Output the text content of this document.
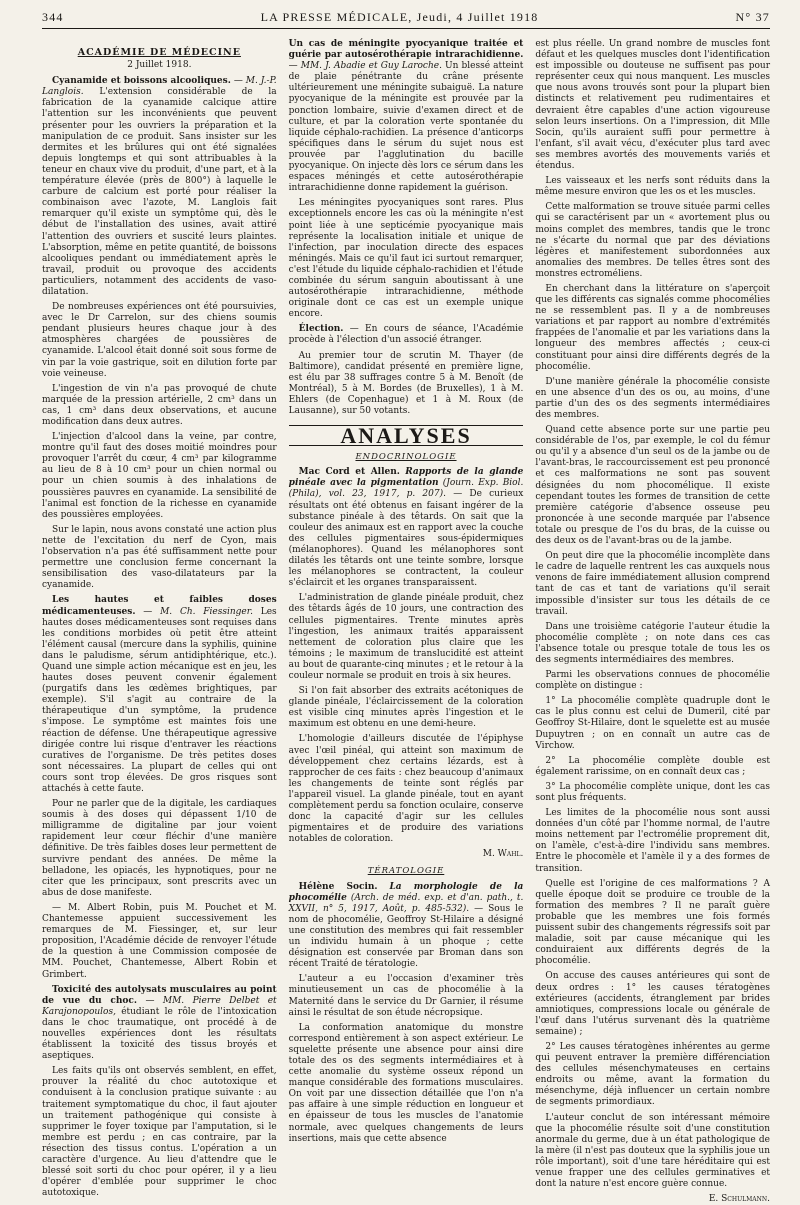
344	LA PRESSE MÉDICALE, Jeudi, 4 Juillet 1918	N° 37
ACADÉMIE DE MÉDECINE
2 Juillet 1918.

Cyanamide et boissons alcooliques. — M. J.-P. Langlois. L'extension considérable de la fabrication de la cyanamide calcique attire l'attention sur les inconvénients que peuvent présenter pour les ouvriers la préparation et la manipulation de ce produit. Sans insister sur les dermites et les brûlures qui ont été signalées depuis longtemps et qui sont attribuables à la teneur en chaux vive du produit, d'une part, et à la température élevée (près de 800°) à laquelle le carbure de calcium est porté pour réaliser la combinaison avec l'azote, M. Langlois fait remarquer qu'il existe un symptôme qui, dès le début de l'installation des usines, avait attiré l'attention des ouvriers et suscité leurs plaintes. L'absorption, même en petite quantité, de boissons alcooliques pendant ou immédiatement après le travail, produit ou provoque des accidents particuliers, notamment des accidents de vaso-dilatation.

De nombreuses expériences ont été poursuivies, avec le Dr Carrelon, sur des chiens soumis pendant plusieurs heures chaque jour à des atmosphères chargées de poussières de cyanamide. L'alcool était donné soit sous forme de vin par la voie gastrique, soit en dilution forte par voie veineuse.

L'ingestion de vin n'a pas provoqué de chute marquée de la pression artérielle, 2 cm³ dans un cas, 1 cm³ dans deux observations, et aucune modification dans deux autres.

L'injection d'alcool dans la veine, par contre, montre qu'il faut des doses moitié moindres pour provoquer l'arrêt du cœur, 4 cm³ par kilogramme au lieu de 8 à 10 cm³ pour un chien normal ou pour un chien soumis à des inhalations de poussières pauvres en cyanamide. La sensibilité de l'animal est fonction de la richesse en cyanamide des poussières employées.

Sur le lapin, nous avons constaté une action plus nette de l'excitation du nerf de Cyon, mais l'observation n'a pas été suffisamment nette pour permettre une conclusion ferme concernant la sensibilisation des vaso-dilatateurs par la cyanamide.

Les hautes et faibles doses médicamenteuses. — M. Ch. Fiessinger. Les hautes doses médicamenteuses sont requises dans les conditions morbides où petit être atteint l'élément causal (mercure dans la syphilis, quinine dans le paludisme, sérum antidiphtérique, etc.). Quand une simple action mécanique est en jeu, les hautes doses peuvent convenir également (purgatifs dans les œdèmes brightiques, par exemple). S'il s'agit au contraire de la thérapeutique d'un symptôme, la prudence s'impose. Le symptôme est maintes fois une réaction de défense. Une thérapeutique agressive dirigée contre lui risque d'entraver les réactions curatives de l'organisme. De très petites doses sont nécessaires. La plupart de celles qui ont cours sont trop élevées. De gros risques sont attachés à cette faute.

Pour ne parler que de la digitale, les cardiaques soumis à des doses qui dépassent 1/10 de milligramme de digitaline par jour voient rapidement leur cœur fléchir d'une manière définitive. De très faibles doses leur permettent de survivre pendant des années. De même la belladone, les opiacés, les hypnotiques, pour ne citer que les principaux, sont prescrits avec un abus de dose manifeste.

— M. Albert Robin, puis M. Pouchet et M. Chantemesse appuient successivement les remarques de M. Fiessinger, et, sur leur proposition, l'Académie décide de renvoyer l'étude de la question à une Commission composée de MM. Pouchet, Chantemesse, Albert Robin et Grimbert.

Toxicité des autolysats musculaires au point de vue du choc. — MM. Pierre Delbet et Karajonopoulos, étudiant le rôle de l'intoxication dans le choc traumatique, ont procédé à de nouvelles expériences dont les résultats établissent la toxicité des tissus broyés et aseptiques.

Les faits qu'ils ont observés semblent, en effet, prouver la réalité du choc autotoxique et conduisent à la conclusion pratique suivante : au traitement symptomatique du choc, il faut ajouter un traitement pathogénique qui consiste à supprimer le foyer toxique par l'amputation, si le membre est perdu ; en cas contraire, par la résection des tissus contus. L'opération a un caractère d'urgence. Au lieu d'attendre que le blessé soit sorti du choc pour opérer, il y a lieu d'opérer d'emblée pour supprimer le choc autotoxique.

Un cas de méningite pyocyanique traitée et guérie par autosérothérapie intrarachidienne. — MM. J. Abadie et Guy Laroche. Un blessé atteint de plaie pénétrante du crâne présente ultérieurement une méningite subaiguë. La nature pyocyanique de la méningite est prouvée par la ponction lombaire, suivie d'examen direct et de culture, et par la coloration verte spontanée du liquide céphalo-rachidien. La présence d'anticorps spécifiques dans le sérum du sujet nous est prouvée par l'agglutination du bacille pyocyanique. On injecte dès lors ce sérum dans les espaces méningés et cette autosérothérapie intrarachidienne donne rapidement la guérison.

Les méningites pyocyaniques sont rares. Plus exceptionnels encore les cas où la méningite n'est point liée à une septicémie pyocyanique mais représente la localisation initiale et unique de l'infection, par inoculation directe des espaces méningés. Mais ce qu'il faut ici surtout remarquer, c'est l'étude du liquide céphalo-rachidien et l'étude combinée du sérum sanguin aboutissant à une autosérothérapie intrarachidienne, méthode originale dont ce cas est un exemple unique encore.

Élection. — En cours de séance, l'Académie procède à l'élection d'un associé étranger.

Au premier tour de scrutin M. Thayer (de Baltimore), candidat présenté en première ligne, est élu par 38 suffrages contre 5 à M. Benoît (de Montréal), 5 à M. Bordes (de Bruxelles), 1 à M. Ehlers (de Copenhague) et 1 à M. Roux (de Lausanne), sur 50 votants.

ANALYSES
ENDOCRINOLOGIE

Mac Cord et Allen. Rapports de la glande pinéale avec la pigmentation (Journ. Exp. Biol. (Phila), vol. 23, 1917, p. 207). — De curieux résultats ont été obtenus en faisant ingérer de la substance pinéale à des têtards. On sait que la couleur des animaux est en rapport avec la couche des cellules pigmentaires sous-épidermiques (mélanophores). Quand les mélanophores sont dilatés les têtards ont une teinte sombre, lorsque les mélanophores se contractent, la couleur s'éclaircit et les organes transparaissent.

L'administration de glande pinéale produit, chez des têtards âgés de 10 jours, une contraction des cellules pigmentaires. Trente minutes après l'ingestion, les animaux traités apparaissent nettement de coloration plus claire que les témoins ; le maximum de translucidité est atteint au bout de quarante-cinq minutes ; et le retour à la couleur normale se produit en trois à six heures.

Si l'on fait absorber des extraits acétoniques de glande pinéale, l'éclaircissement de la coloration est visible cinq minutes après l'ingestion et le maximum est obtenu en une demi-heure.

L'homologie d'ailleurs discutée de l'épiphyse avec l'œil pinéal, qui atteint son maximum de développement chez certains lézards, est à rapprocher de ces faits : chez beaucoup d'animaux les changements de teinte sont réglés par l'appareil visuel. La glande pinéale, tout en ayant complètement perdu sa fonction oculaire, conserve donc la capacité d'agir sur les cellules pigmentaires et de produire des variations notables de coloration.

M. Wahl.
TÉRATOLOGIE

Hélène Socin. La morphologie de la phocomélie (Arch. de méd. exp. et d'an. path., t. XXVII, n° 5, 1917, Août, p. 485-532). — Sous le nom de phocomélie, Geoffroy St-Hilaire a désigné une constitution des membres qui fait ressembler un individu humain à un phoque ; cette désignation est conservée par Broman dans son récent Traité de tératologie.

L'auteur a eu l'occasion d'examiner très minutieusement un cas de phocomélie à la Maternité dans le service du Dr Garnier, il résume ainsi le résultat de son étude nécropsique.

La conformation anatomique du monstre correspond entièrement à son aspect extérieur. Le squelette présente une absence pour ainsi dire totale des os des segments intermédiaires et à cette anomalie du système osseux répond un manque considérable des formations musculaires. On voit par une dissection détaillée que l'on n'a pas affaire à une simple réduction en longueur et en épaisseur de tous les muscles de l'anatomie normale, avec quelques changements de leurs insertions, mais que cette absence

est plus réelle. Un grand nombre de muscles font défaut et les quelques muscles dont l'identification est impossible ou douteuse ne suffisent pas pour représenter ceux qui nous manquent. Les muscles que nous avons trouvés sont pour la plupart bien distincts et relativement peu rudimentaires et devraient être capables d'une action vigoureuse selon leurs insertions. On a l'impression, dit Mlle Socin, qu'ils auraient suffi pour permettre à l'enfant, s'il avait vécu, d'exécuter plus tard avec ses membres avortés des mouvements variés et étendus.

Les vaisseaux et les nerfs sont réduits dans la même mesure environ que les os et les muscles.

Cette malformation se trouve située parmi celles qui se caractérisent par un « avortement plus ou moins complet des membres, tandis que le tronc ne s'écarte du normal que par des déviations légères et manifestement subordonnées aux anomalies des membres. De telles êtres sont des monstres ectroméliens.

En cherchant dans la littérature on s'aperçoit que les différents cas signalés comme phocomélies ne se ressemblent pas. Il y a de nombreuses variations et par rapport au nombre d'extrémités frappées de l'anomalie et par les variations dans la longueur des membres affectés ; ceux-ci constituant pour ainsi dire différents degrés de la phocomélie.

D'une manière générale la phocomélie consiste en une absence d'un des os ou, au moins, d'une partie d'un des os des segments intermédiaires des membres.

Quand cette absence porte sur une partie peu considérable de l'os, par exemple, le col du fémur ou qu'il y a absence d'un seul os de la jambe ou de l'avant-bras, le raccourcissement est peu prononcé et ces malformations ne sont pas souvent désignées du nom phocomélique. Il existe cependant toutes les formes de transition de cette première catégorie d'absence osseuse peu prononcée à une seconde marquée par l'absence totale ou presque de l'os du bras, de la cuisse ou des deux os de l'avant-bras ou de la jambe.

On peut dire que la phocomélie incomplète dans le cadre de laquelle rentrent les cas auxquels nous venons de faire immédiatement allusion comprend tant de cas et tant de variations qu'il serait impossible d'insister sur tous les détails de ce travail.

Dans une troisième catégorie l'auteur étudie la phocomélie complète ; on note dans ces cas l'absence totale ou presque totale de tous les os des segments intermédiaires des membres.

Parmi les observations connues de phocomélie complète on distingue :

1° La phocomélie complète quadruple dont le cas le plus connu est celui de Dumeril, cité par Geoffroy St-Hilaire, dont le squelette est au musée Dupuytren ; on en connaît un autre cas de Virchow.

2° La phocomélie complète double est également rarissime, on en connaît deux cas ;

3° La phocomélie complète unique, dont les cas sont plus fréquents.

Les limites de la phocomélie nous sont aussi données d'un côté par l'homme normal, de l'autre moins nettement par l'ectromélie proprement dit, on l'amèle, c'est-à-dire l'individu sans membres. Entre le phocomèle et l'amèle il y a des formes de transition.

Quelle est l'origine de ces malformations ? A quelle époque doit se produire ce trouble de la formation des membres ? Il ne paraît guère probable que les membres une fois formés puissent subir des changements régressifs soit par maladie, soit par cause mécanique qui les conduiraient aux différents degrés de la phocomélie.

On accuse des causes antérieures qui sont de deux ordres : 1° les causes tératogènes extérieures (accidents, étranglement par brides amniotiques, compressions locale ou générale de l'œuf dans l'utérus survenant dès la quatrième semaine) ;

2° Les causes tératogènes inhérentes au germe qui peuvent entraver la première différenciation des cellules mésenchymateuses en certains endroits ou même, avant la formation du mésenchyme, déjà influencer un certain nombre de segments primordiaux.

L'auteur conclut de son intéressant mémoire que la phocomélie résulte soit d'une constitution anormale du germe, due à un état pathologique de la mère (il n'est pas douteux que la syphilis joue un rôle important), soit d'une tare héréditaire qui est venue frapper une des cellules germinatives et dont la nature n'est encore guère connue.

E. Schulmann.
